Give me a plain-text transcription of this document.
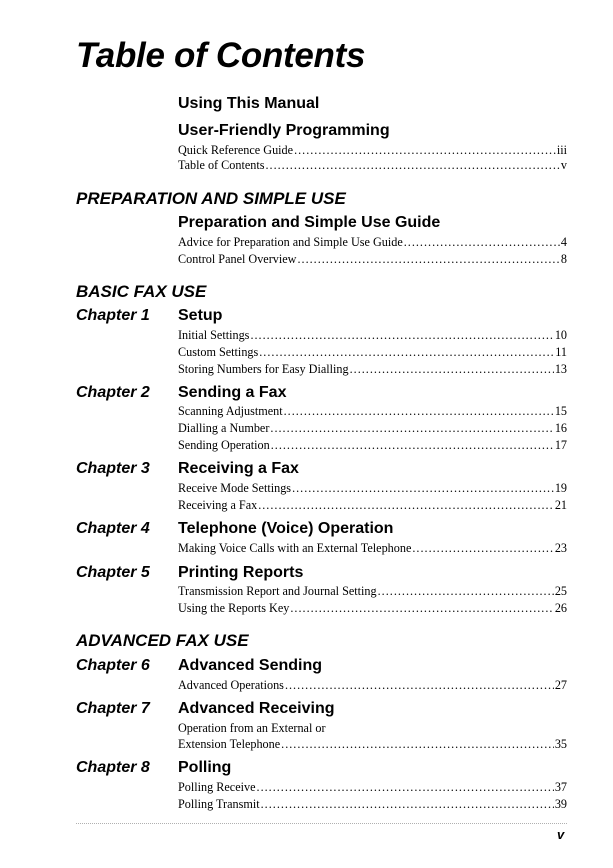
Table of Contents
Using This Manual
User-Friendly Programming
Quick Reference Guide .....	iii
Table of Contents .....	v
PREPARATION AND SIMPLE USE
Preparation and Simple Use Guide
Advice for Preparation and Simple Use Guide .....	4
Control Panel Overview .....	8
BASIC FAX USE
Chapter 1 Setup
Initial Settings .....	10
Custom Settings .....	11
Storing Numbers for Easy Dialling .....	13
Chapter 2 Sending a Fax
Scanning Adjustment .....	15
Dialling a Number .....	16
Sending Operation .....	17
Chapter 3 Receiving a Fax
Receive Mode Settings .....	19
Receiving a Fax .....	21
Chapter 4 Telephone (Voice) Operation
Making Voice Calls with an External Telephone .....	23
Chapter 5 Printing Reports
Transmission Report and Journal Setting .....	25
Using the Reports Key .....	26
ADVANCED FAX USE
Chapter 6 Advanced Sending
Advanced Operations .....	27
Chapter 7 Advanced Receiving
Operation from an External or
Extension Telephone .....	35
Chapter 8 Polling
Polling Receive .....	37
Polling Transmit .....	39
v
